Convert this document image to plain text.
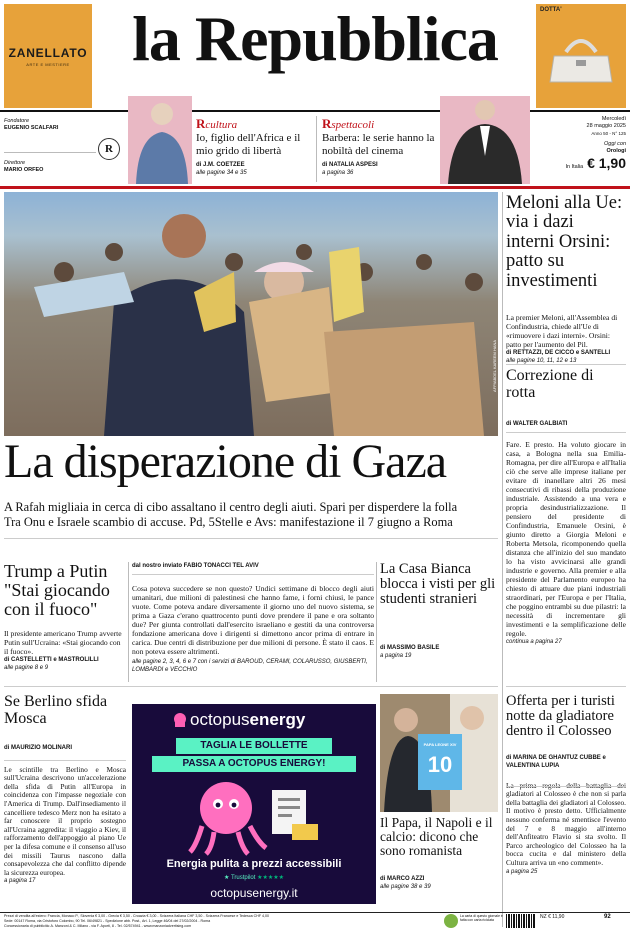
ZANELLATO
ARTE E MESTIERE la Repubblica	DOTTA'
Fondatore
EUGENIO SCALFARI
Direttore
MARIO ORFEO
R
Rcultura
Io, figlio dell'Africa e il mio grido di libertà
di J.M. COETZEE
alle pagine 34 e 35
Rspettacoli
Barbera: le serie hanno la nobiltà del cinema
di NATALIA ASPESI
a pagina 36
Mercoledì
28 maggio 2025
Anno 50 - N° 125
Oggi con
Orologi
In Italia € 1,90
AFP/ABDEL KAREEM HANA
La disperazione di Gaza
A Rafah migliaia in cerca di cibo assaltano il centro degli aiuti. Spari per disperdere la folla
Tra Onu e Israele scambio di accuse. Pd, 5Stelle e Avs: manifestazione il 7 giugno a Roma
Meloni alla Ue: via i dazi interni Orsini: patto su investimenti
La premier Meloni, all'Assemblea di Confindustria, chiede all'Ue di «rimuovere i dazi interni». Orsini: patto per l'aumento del Pil.
di RETTAZZI, DE CICCO e SANTELLI
alle pagine 10, 11, 12 e 13
Correzione di rotta
di WALTER GALBIATI
Fare. E presto. Ha voluto giocare in casa, a Bologna nella sua Emilia-Romagna, per dire all'Europa e all'Italia ciò che serve alle imprese italiane per evitare di inanellare altri 26 mesi consecutivi di ribassi della produzione industriale. Assistendo a una vera e propria desindustrializzazione. Il pensiero del presidente di Confindustria, Emanuele Orsini, è giunto diretto a Giorgia Meloni e Roberta Metsola, ricomponendo quella distanza che all'inizio del suo mandato lo ha visto avvicinarsi alle grandi industrie e governo. Alla premier e alla presidente del Parlamento europeo ha chiesto di attuare due piani industriali straordinari, per l'Europa e per l'Italia, che poggino entrambi su due pilastri: la necessità di incrementare gli investimenti e la semplificazione delle regole.
continua a pagina 27
Trump a Putin "Stai giocando con il fuoco"
Il presidente americano Trump avverte Putin sull'Ucraina: «Stai giocando con il fuoco».
di CASTELLETTI e MASTROLILLI
alle pagine 8 e 9
dal nostro inviato FABIO TONACCI TEL AVIV
Cosa poteva succedere se non questo? Undici settimane di blocco degli aiuti umanitari, due milioni di palestinesi che hanno fame, i forni chiusi, le pance vuote. Come poteva andare diversamente il giorno uno del nuovo sistema, se prima a Gaza c'erano quattrocento punti dove prendere il pane e ora soltanto due? Per giunta controllati dall'esercito israeliano e gestiti da una controversa fondazione americana dove i dirigenti si dimettono ancor prima di entrare in carica. Due centri di distribuzione per due milioni di persone. È stato il caos. E non poteva essere altrimenti.
alle pagine 2, 3, 4, 6 e 7 con i servizi di BAROUD, CERAMI, COLARUSSO, GIUSBERTI, LOMBARDI e VECCHIO
La Casa Bianca blocca i visti per gli studenti stranieri
di MASSIMO BASILE
a pagina 19
Se Berlino sfida Mosca
di MAURIZIO MOLINARI
Le scintille tra Berlino e Mosca sull'Ucraina descrivono un'accelerazione della sfida di Putin all'Europa in coincidenza con l'impasse negoziale con l'America di Trump. Dall'insediamento il cancelliere tedesco Merz non ha esitato a far conoscere il proprio sostegno all'Ucraina aggredita: il viaggio a Kiev, il rafforzamento dell'appoggio al piano Ue per la difesa comune e il consenso all'uso dei missili Taurus nascono dalla consapevolezza che dal conflitto dipende la sicurezza europea.
a pagina 17
octopusenergy
TAGLIA LE BOLLETTE
PASSA A OCTOPUS ENERGY!
Energia pulita a prezzi accessibili
★ Trustpilot ★★★★★
octopusenergy.it
PAPA LEONE XIV
10
Il Papa, il Napoli e il calcio: dicono che sono romanista
di MARCO AZZI
alle pagine 38 e 39
Offerta per i turisti notte da gladiatore dentro il Colosseo
di MARINA DE GHANTUZ CUBBE e VALENTINA LUPIA
gladiatori al Colosseo è che non si parla della battaglia dei gladiatori al Colosseo. Il motivo è presto detto. Ufficialmente nessuno conferma né smentisce l'evento del 7 e 8 maggio all'interno dell'Anfiteatro Flavio si sta svolto. Il Parco archeologico del Colosseo ha la bocca cucita e dal ministero della Cultura arriva un «no comment».
a pagina 25
Prezzi di vendita all'estero: Francia, Monaco P., Slovenia € 3,00 - Grecia € 3,50 - Croazia € 3,00 - Svizzera Italiana CHF 3,50 - Svizzera Francese e Tedesca CHF 4,00
Sede: 00147 Roma, via Cristoforo Colombo, 90 Tel. 06/49821 - Spedizione abb. Post., Art. 1, Legge 46/04 del 27/02/2004 - Roma
Concessionaria di pubblicità: A. Manzoni & C. Milano - via F. Aporti, 8 - Tel. 02/574941 - www.manzoniadvertising.com
La carta di questo giornale è fatta con carta riciclata
NZ € 11,90	92
